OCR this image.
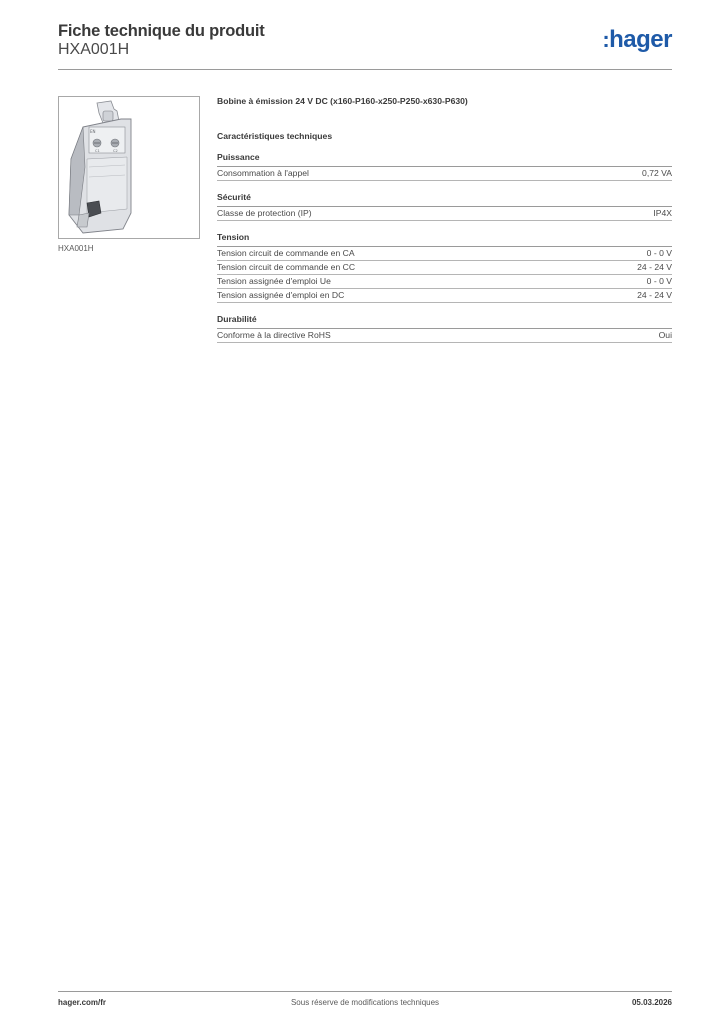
Fiche technique du produit
HXA001H	:hager
EN
C1	C2
HXA001H
Bobine à émission 24 V DC (x160-P160-x250-P250-x630-P630)
Caractéristiques techniques
Puissance
Consommation à l'appel	0,72 VA
Sécurité
Classe de protection (IP)	IP4X
Tension
Tension circuit de commande en CA	0 - 0 V
Tension circuit de commande en CC	24 - 24 V
Tension assignée d'emploi Ue	0 - 0 V
Tension assignée d'emploi en DC	24 - 24 V
Durabilité
Conforme à la directive RoHS	Oui
hager.com/fr	Sous réserve de modifications techniques	05.03.2026
